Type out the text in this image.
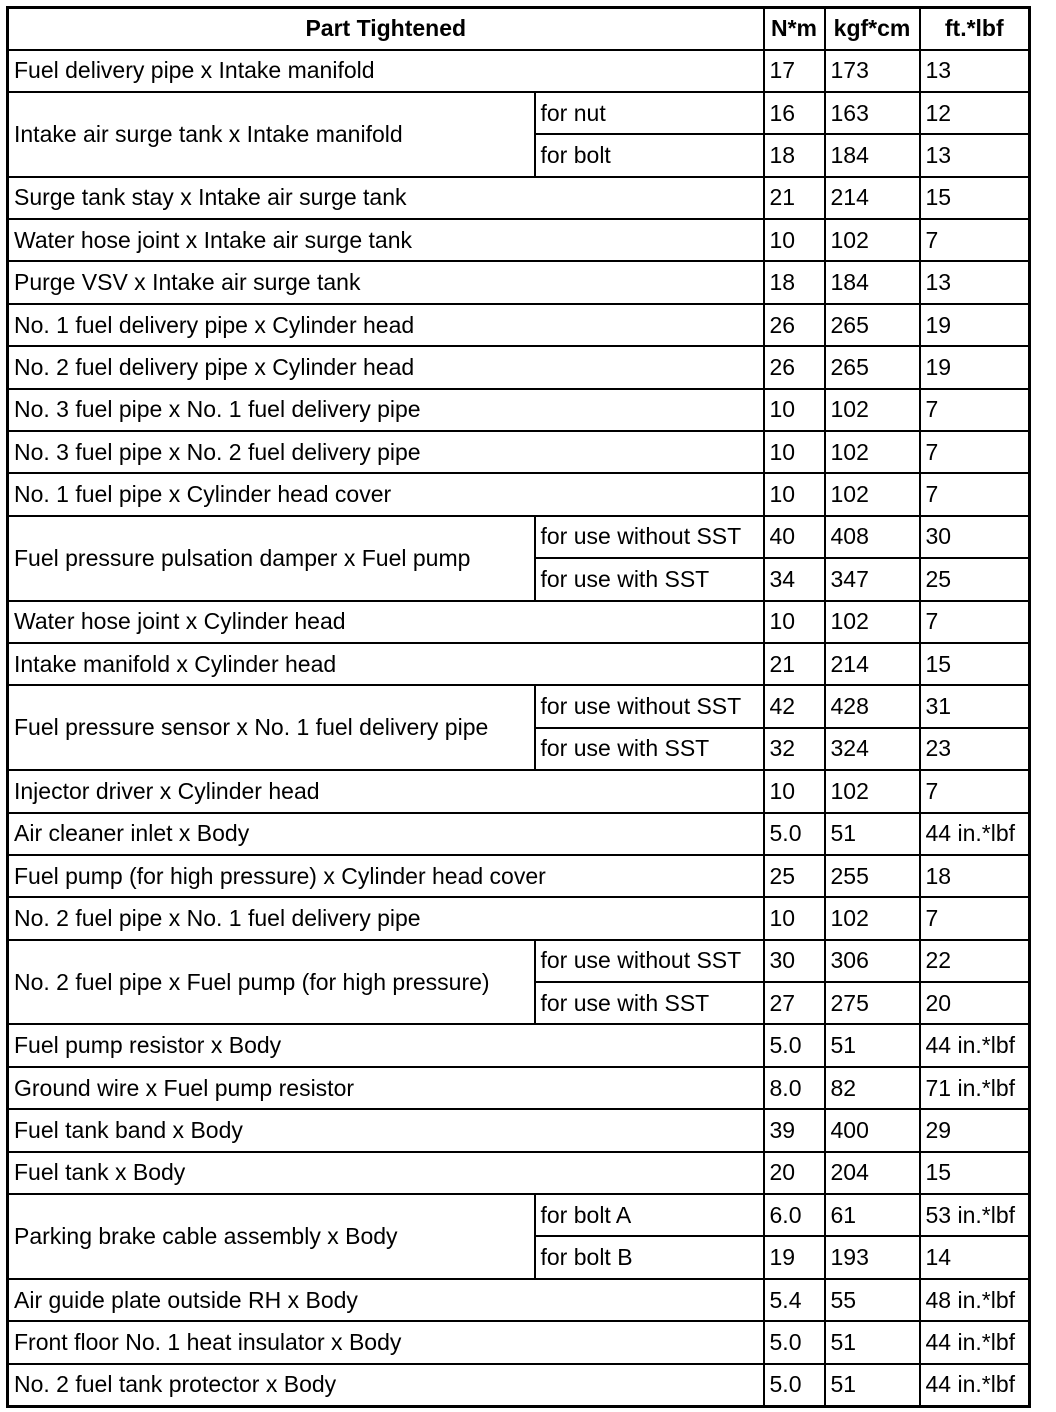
Part Tightened		N*m	kgf*cm	ft.*lbf
Fuel delivery pipe x Intake manifold		17	173	13
Intake air surge tank x Intake manifold	for nut	16	163	12
	for bolt	18	184	13
Surge tank stay x Intake air surge tank		21	214	15
Water hose joint x Intake air surge tank		10	102	7
Purge VSV x Intake air surge tank		18	184	13
No. 1 fuel delivery pipe x Cylinder head		26	265	19
No. 2 fuel delivery pipe x Cylinder head		26	265	19
No. 3 fuel pipe x No. 1 fuel delivery pipe		10	102	7
No. 3 fuel pipe x No. 2 fuel delivery pipe		10	102	7
No. 1 fuel pipe x Cylinder head cover		10	102	7
Fuel pressure pulsation damper x Fuel pump	for use without SST	40	408	30
	for use with SST	34	347	25
Water hose joint x Cylinder head		10	102	7
Intake manifold x Cylinder head		21	214	15
Fuel pressure sensor x No. 1 fuel delivery pipe	for use without SST	42	428	31
	for use with SST	32	324	23
Injector driver x Cylinder head		10	102	7
Air cleaner inlet x Body		5.0	51	44 in.*lbf
Fuel pump (for high pressure) x Cylinder head cover		25	255	18
No. 2 fuel pipe x No. 1 fuel delivery pipe		10	102	7
No. 2 fuel pipe x Fuel pump (for high pressure)	for use without SST	30	306	22
	for use with SST	27	275	20
Fuel pump resistor x Body		5.0	51	44 in.*lbf
Ground wire x Fuel pump resistor		8.0	82	71 in.*lbf
Fuel tank band x Body		39	400	29
Fuel tank x Body		20	204	15
Parking brake cable assembly x Body	for bolt A	6.0	61	53 in.*lbf
	for bolt B	19	193	14
Air guide plate outside RH x Body		5.4	55	48 in.*lbf
Front floor No. 1 heat insulator x Body		5.0	51	44 in.*lbf
No. 2 fuel tank protector x Body		5.0	51	44 in.*lbf
